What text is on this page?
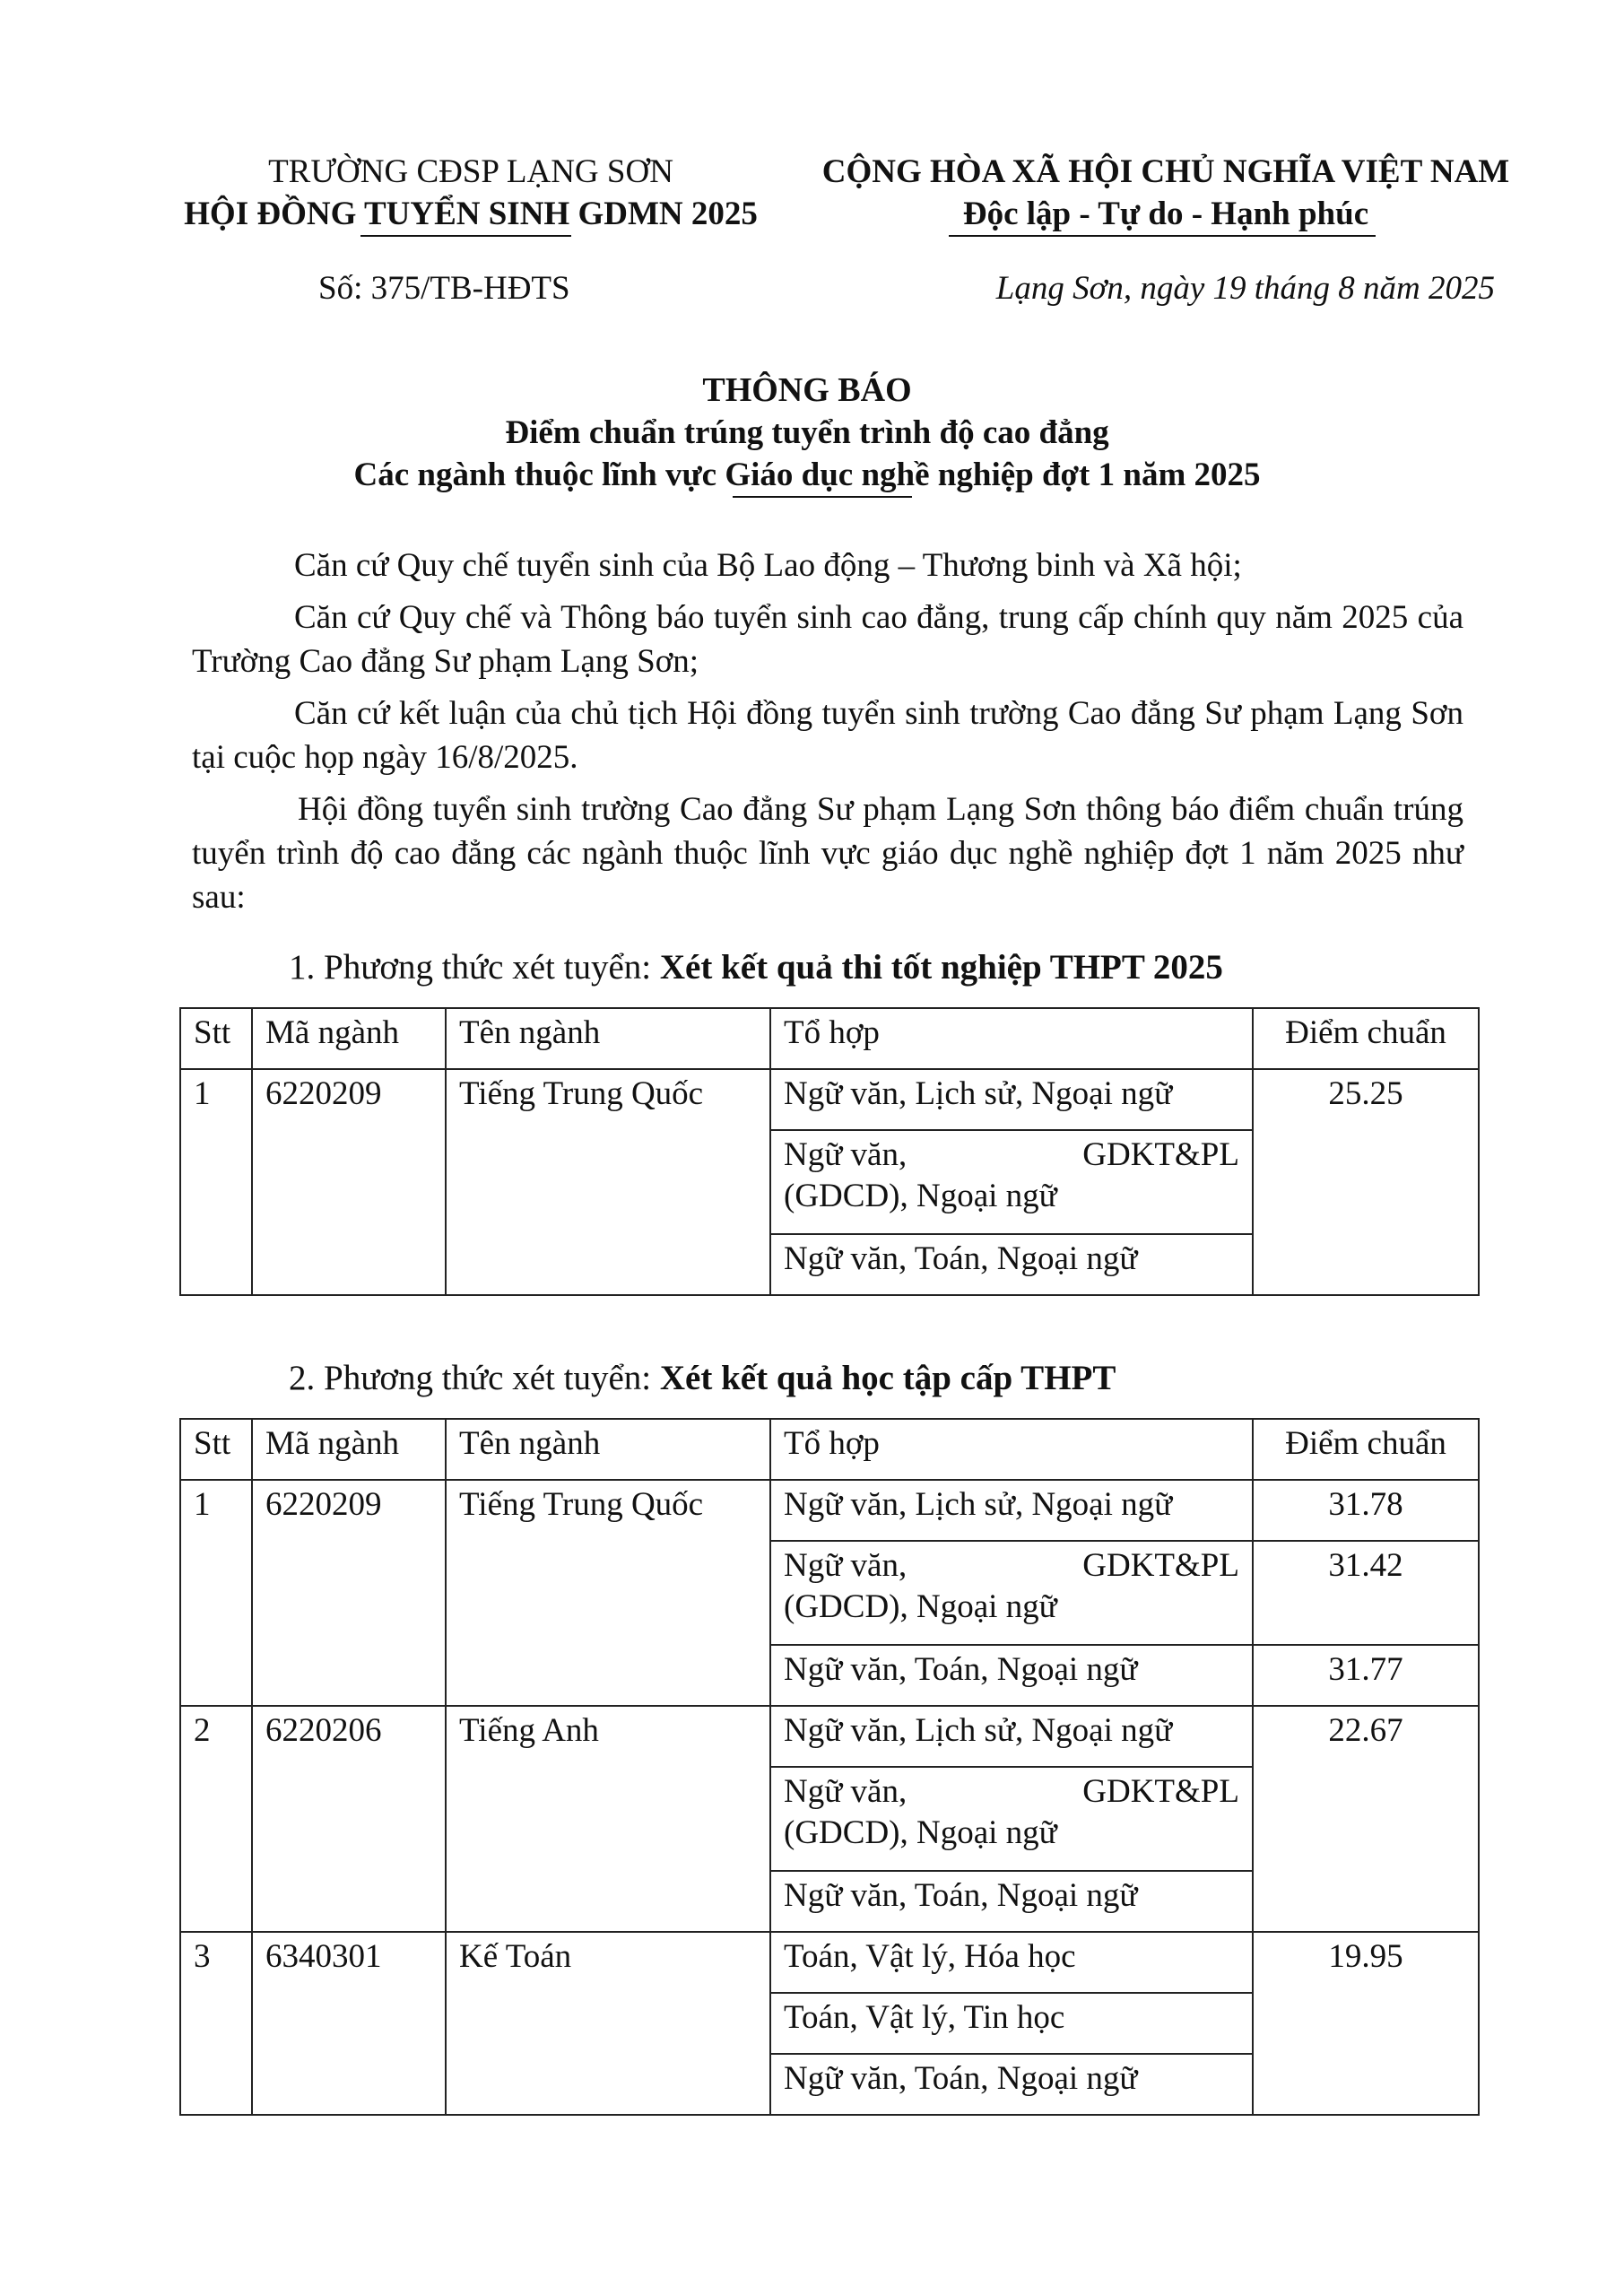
TRƯỜNG CĐSP LẠNG SƠN
HỘI ĐỒNG TUYỂN SINH GDMN 2025
CỘNG HÒA XÃ HỘI CHỦ NGHĨA VIỆT NAM
Độc lập - Tự do - Hạnh phúc
Số: 375/TB-HĐTS	Lạng Sơn, ngày 19 tháng 8 năm 2025
THÔNG BÁO
Điểm chuẩn trúng tuyển trình độ cao đẳng
Các ngành thuộc lĩnh vực Giáo dục nghề nghiệp đợt 1 năm 2025

Căn cứ Quy chế tuyển sinh của Bộ Lao động – Thương binh và Xã hội;

Căn cứ Quy chế và Thông báo tuyển sinh cao đẳng, trung cấp chính quy năm 2025 của Trường Cao đẳng Sư phạm Lạng Sơn;

Căn cứ kết luận của chủ tịch Hội đồng tuyển sinh trường Cao đẳng Sư phạm Lạng Sơn tại cuộc họp ngày 16/8/2025.

Hội đồng tuyển sinh trường Cao đẳng Sư phạm Lạng Sơn thông báo điểm chuẩn trúng tuyển trình độ cao đẳng các ngành thuộc lĩnh vực giáo dục nghề nghiệp đợt 1 năm 2025 như sau:

1. Phương thức xét tuyển: Xét kết quả thi tốt nghiệp THPT 2025
Stt	Mã ngành	Tên ngành	Tổ hợp	Điểm chuẩn
1	6220209	Tiếng Trung Quốc	Ngữ văn, Lịch sử, Ngoại ngữ	25.25

			Ngữ văn, GDKT&PL
(GDCD), Ngoại ngữ	

			Ngữ văn, Toán, Ngoại ngữ	
2. Phương thức xét tuyển: Xét kết quả học tập cấp THPT
Stt	Mã ngành	Tên ngành	Tổ hợp	Điểm chuẩn
1	6220209	Tiếng Trung Quốc	Ngữ văn, Lịch sử, Ngoại ngữ	31.78

			Ngữ văn, GDKT&PL
(GDCD), Ngoại ngữ	31.42
			Ngữ văn, Toán, Ngoại ngữ	31.77
2	6220206	Tiếng Anh	Ngữ văn, Lịch sử, Ngoại ngữ	22.67

			Ngữ văn, GDKT&PL
(GDCD), Ngoại ngữ	

			Ngữ văn, Toán, Ngoại ngữ	
3	6340301	Kế Toán	Toán, Vật lý, Hóa học	19.95
			Toán, Vật lý, Tin học	
			Ngữ văn, Toán, Ngoại ngữ	
